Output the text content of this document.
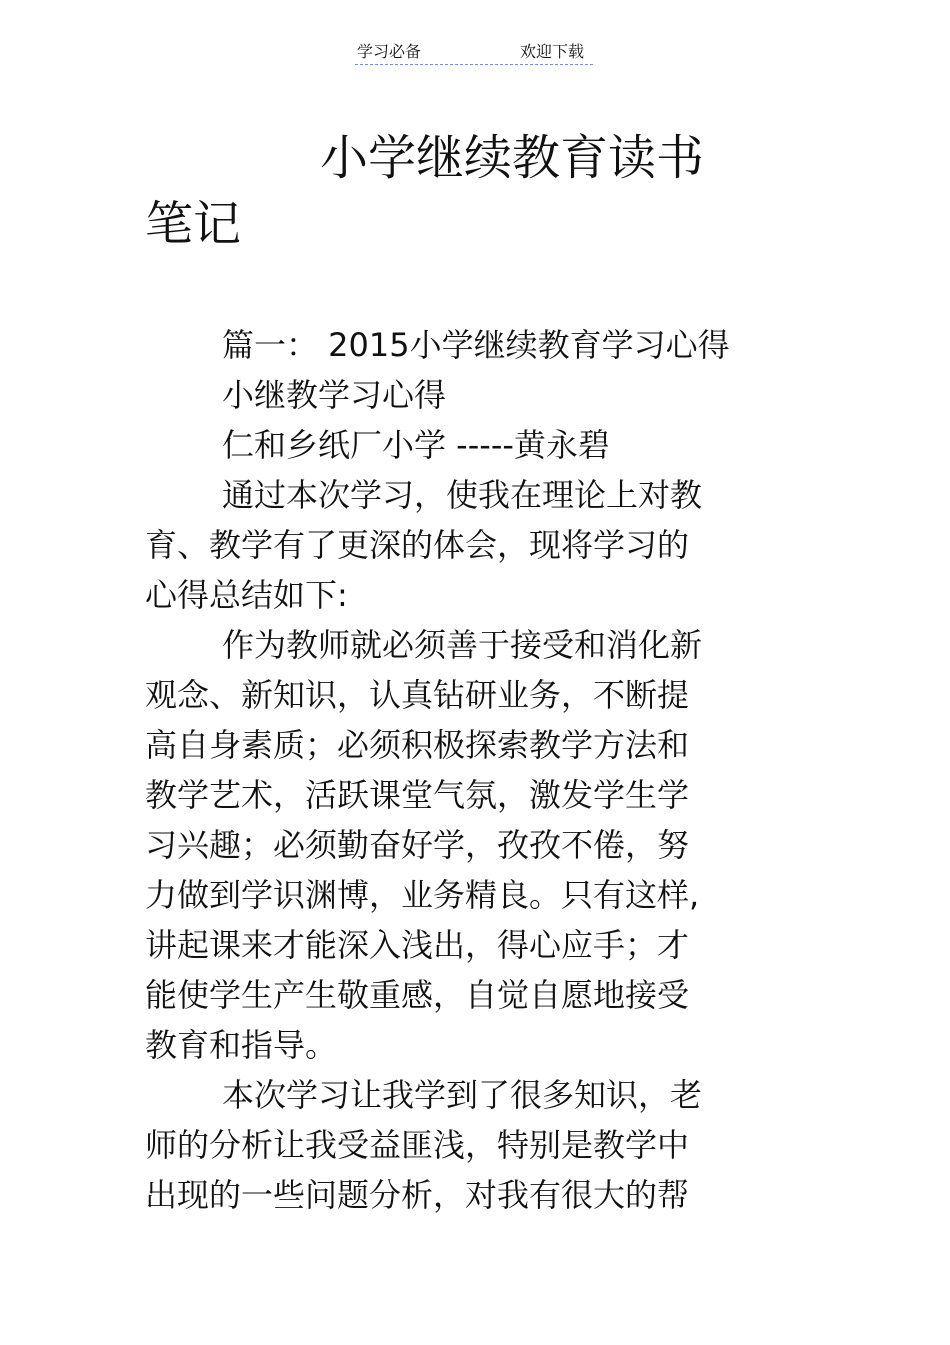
学习必备	欢迎下载
小学继续教育读书
笔记
篇一： 2015小学继续教育学习心得
小继教学习心得
仁和乡纸厂小学 -----黄永碧
通过本次学习，使我在理论上对教
育、教学有了更深的体会，现将学习的
心得总结如下:
作为教师就必须善于接受和消化新
观念、新知识，认真钻研业务，不断提
高自身素质；必须积极探索教学方法和
教学艺术，活跃课堂气氛，激发学生学
习兴趣；必须勤奋好学，孜孜不倦，努
力做到学识渊博，业务精良。只有这样,
讲起课来才能深入浅出，得心应手；才
能使学生产生敬重感，自觉自愿地接受
教育和指导。
本次学习让我学到了很多知识，老
师的分析让我受益匪浅，特别是教学中
出现的一些问题分析，对我有很大的帮
